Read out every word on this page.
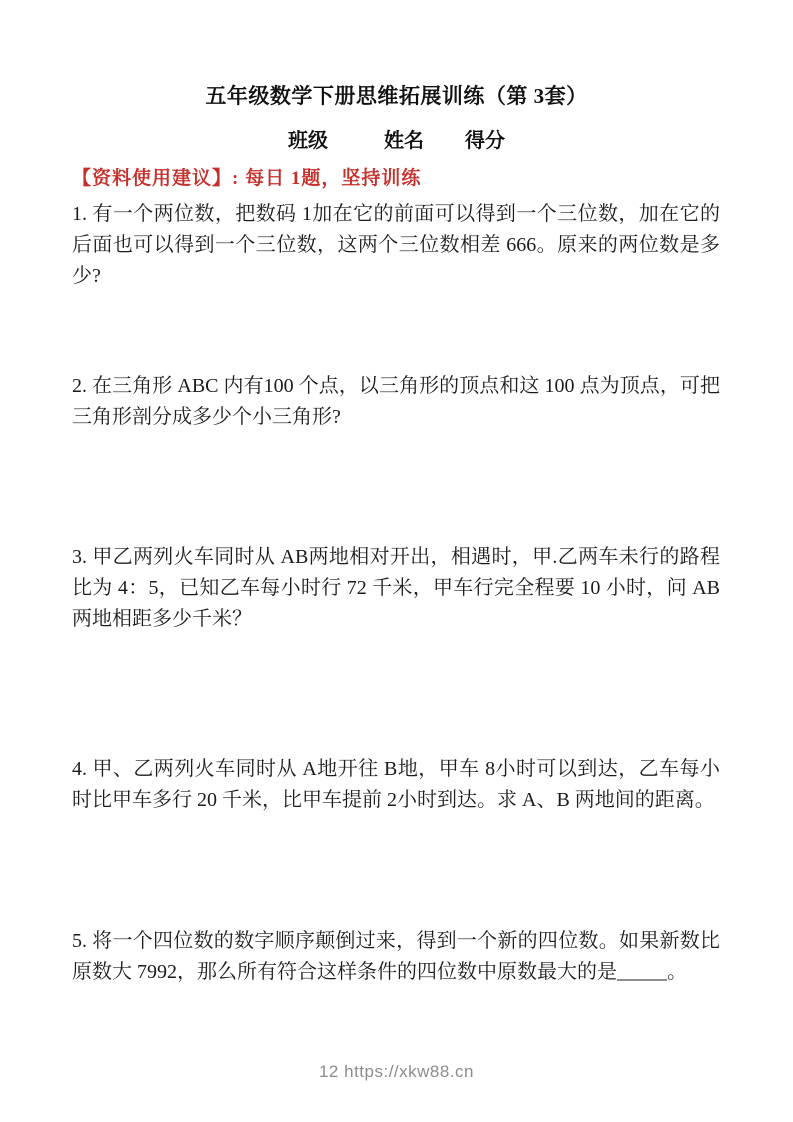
五年级数学下册思维拓展训练（第 3套）
班级	姓名 得分
【资料使用建议】: 每日 1题，坚持训练
1. 有一个两位数，把数码 1加在它的前面可以得到一个三位数，加在它的后面也可以得到一个三位数，这两个三位数相差 666。原来的两位数是多少?
2. 在三角形 ABC 内有100 个点，以三角形的顶点和这 100 点为顶点，可把三角形剖分成多少个小三角形?
3. 甲乙两列火车同时从 AB两地相对开出，相遇时，甲.乙两车未行的路程比为 4：5，已知乙车每小时行 72 千米，甲车行完全程要 10 小时，问 AB两地相距多少千米？
4. 甲、乙两列火车同时从 A地开往 B地，甲车 8小时可以到达，乙车每小时比甲车多行 20 千米，比甲车提前 2小时到达。求 A、B 两地间的距离。
5. 将一个四位数的数字顺序颠倒过来，得到一个新的四位数。如果新数比原数大 7992，那么所有符合这样条件的四位数中原数最大的是_____。
12 https://xkw88.cn
